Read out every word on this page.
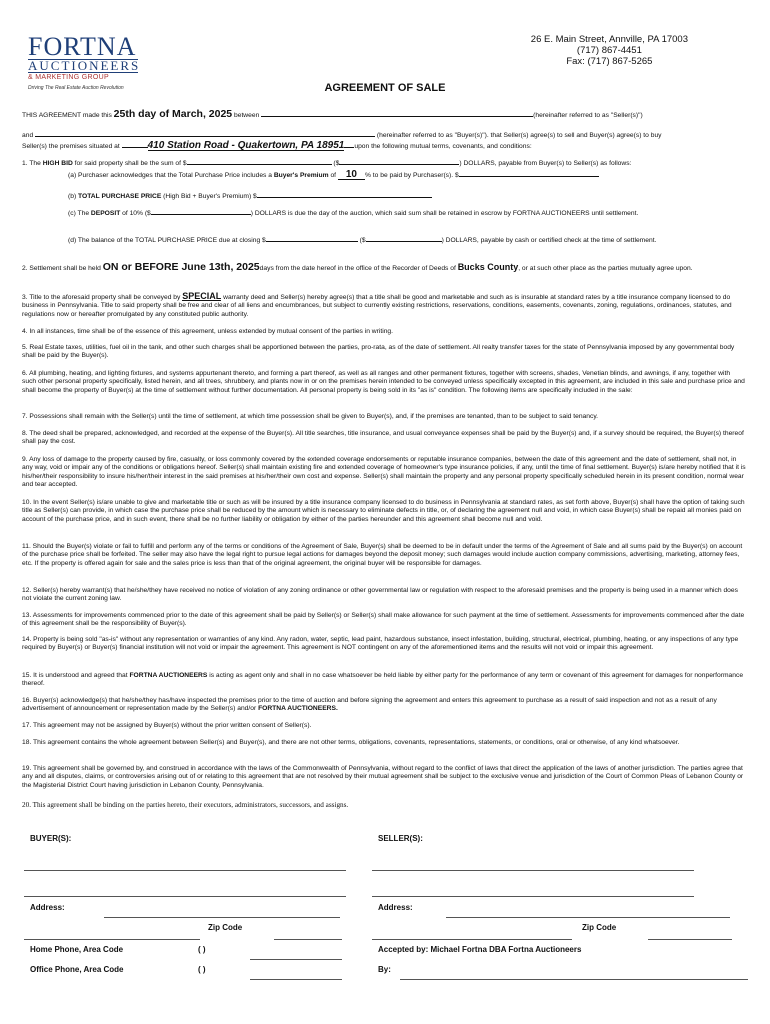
FORTNA
AUCTIONEERS
& MARKETING GROUP
Driving The Real Estate Auction Revolution
26 E. Main Street, Annville, PA 17003
(717) 867-4451
Fax: (717) 867-5265
AGREEMENT OF SALE
THIS AGREEMENT made this 25th day of March, 2025 between	(hereinafter referred to as "Seller(s)")
and	(hereinafter referred to as "Buyer(s)"). that Seller(s) agree(s) to sell and Buyer(s) agree(s) to buy
Seller(s) the premises situated at	410 Station Road - Quakertown, PA 18951 upon the following mutual terms, covenants, and conditions:
1. The HIGH BID for said property shall be the sum of $	($	) DOLLARS, payable from Buyer(s) to Seller(s) as follows:
(a) Purchaser acknowledges that the Total Purchase Price includes a Buyer's Premium of 10 % to be paid by Purchaser(s). $
(b) TOTAL PURCHASE PRICE (High Bid + Buyer's Premium) $
(c) The DEPOSIT of 10% ($	) DOLLARS is due the day of the auction, which said sum shall be retained in escrow by FORTNA AUCTIONEERS until settlement.
(d) The balance of the TOTAL PURCHASE PRICE due at closing $	($	) DOLLARS, payable by cash or certified check at the time of settlement.
2. Settlement shall be held ON or BEFORE June 13th, 2025days from the date hereof in the office of the Recorder of Deeds of Bucks County, or at such other place as the parties mutually agree upon.
3. Title to the aforesaid property shall be conveyed by SPECIAL warranty deed and Seller(s) hereby agree(s) that a title shall be good and marketable and such as is insurable at standard rates by a title insurance company licensed to do business in Pennsylvania. Title to said property shall be free and clear of all liens and encumbrances, but subject to currently existing restrictions, reservations, conditions, easements, covenants, zoning, regulations, ordinances, statutes, and regulations now or hereafter promulgated by any constituted public authority.
4. In all instances, time shall be of the essence of this agreement, unless extended by mutual consent of the parties in writing.
5. Real Estate taxes, utilities, fuel oil in the tank, and other such charges shall be apportioned between the parties, pro-rata, as of the date of settlement. All realty transfer taxes for the state of Pennsylvania imposed by any governmental body shall be paid by the Buyer(s).
6. All plumbing, heating, and lighting fixtures, and systems appurtenant thereto, and forming a part thereof, as well as all ranges and other permanent fixtures, together with screens, shades, Venetian blinds, and awnings, if any, together with such other personal property specifically, listed herein, and all trees, shrubbery, and plants now in or on the premises herein intended to be conveyed unless specifically excepted in this agreement, are included in this sale and purchase price and shall become the property of Buyer(s) at the time of settlement without further documentation. All personal property is being sold in its "as is" condition. The following items are specifically included in the sale:
7. Possessions shall remain with the Seller(s) until the time of settlement, at which time possession shall be given to Buyer(s), and, if the premises are tenanted, than to be subject to said tenancy.
8. The deed shall be prepared, acknowledged, and recorded at the expense of the Buyer(s). All title searches, title insurance, and usual conveyance expenses shall be paid by the Buyer(s) and, if a survey should be required, the Buyer(s) thereof shall pay the cost.
9. Any loss of damage to the property caused by fire, casualty, or loss commonly covered by the extended coverage endorsements or reputable insurance companies, between the date of this agreement and the date of settlement, shall not, in any way, void or impair any of the conditions or obligations hereof. Seller(s) shall maintain existing fire and extended coverage of homeowner's type insurance policies, if any, until the time of final settlement. Buyer(s) is/are hereby notified that it is his/her/their responsibility to insure his/her/their interest in the said premises at his/her/their own cost and expense. Seller(s) shall maintain the property and any personal property specifically scheduled herein in its present condition, normal wear and tear accepted.
10. In the event Seller(s) is/are unable to give and marketable title or such as will be insured by a title insurance company licensed to do business in Pennsylvania at standard rates, as set forth above, Buyer(s) shall have the option of taking such title as Seller(s) can provide, in which case the purchase price shall be reduced by the amount which is necessary to eliminate defects in title, or, of declaring the agreement null and void, in which case Buyer(s) shall be repaid all monies paid on account of the purchase price, and in such event, there shall be no further liability or obligation by either of the parties hereunder and this agreement shall become null and void.
11. Should the Buyer(s) violate or fail to fulfill and perform any of the terms or conditions of the Agreement of Sale, Buyer(s) shall be deemed to be in default under the terms of the Agreement of Sale and all sums paid by the Buyer(s) on account of the purchase price shall be forfeited. The seller may also have the legal right to pursue legal actions for damages beyond the deposit money; such damages would include auction company commissions, advertising, marketing, attorney fees, etc. If the property is offered again for sale and the sales price is less than that of the original agreement, the original buyer will be responsible for damages.
12. Seller(s) hereby warrant(s) that he/she/they have received no notice of violation of any zoning ordinance or other governmental law or regulation with respect to the aforesaid premises and the property is being used in a manner which does not violate the current zoning law.
13. Assessments for improvements commenced prior to the date of this agreement shall be paid by Seller(s) or Seller(s) shall make allowance for such payment at the time of settlement. Assessments for improvements commenced after the date of this agreement shall be the responsibility of Buyer(s).
14. Property is being sold "as-is" without any representation or warranties of any kind. Any radon, water, septic, lead paint, hazardous substance, insect infestation, building, structural, electrical, plumbing, heating, or any inspections of any type required by Buyer(s) or Buyer(s) financial institution will not void or impair the agreement. This agreement is NOT contingent on any of the aforementioned items and the results will not void or impair this agreement.
15. It is understood and agreed that FORTNA AUCTIONEERS is acting as agent only and shall in no case whatsoever be held liable by either party for the performance of any term or covenant of this agreement for damages for nonperformance thereof.
16. Buyer(s) acknowledge(s) that he/she/they has/have inspected the premises prior to the time of auction and before signing the agreement and enters this agreement to purchase as a result of said inspection and not as a result of any advertisement of announcement or representation made by the Seller(s) and/or FORTNA AUCTIONEERS.
17. This agreement may not be assigned by Buyer(s) without the prior written consent of Seller(s).
18. This agreement contains the whole agreement between Seller(s) and Buyer(s), and there are not other terms, obligations, covenants, representations, statements, or conditions, oral or otherwise, of any kind whatsoever.
19. This agreement shall be governed by, and construed in accordance with the laws of the Commonwealth of Pennsylvania, without regard to the conflict of laws that direct the application of the laws of another jurisdiction. The parties agree that any and all disputes, claims, or controversies arising out of or relating to this agreement that are not resolved by their mutual agreement shall be subject to the exclusive venue and jurisdiction of the Court of Common Pleas of Lebanon County or the Magisterial District Court having jurisdiction in Lebanon County, Pennsylvania.
20. This agreement shall be binding on the parties hereto, their executors, administrators, successors, and assigns.
BUYER(S):	SELLER(S):
Address:	Address:
Zip Code	Zip Code
Home Phone, Area Code	( )	Accepted by: Michael Fortna DBA Fortna Auctioneers
Office Phone, Area Code	( )	By:
